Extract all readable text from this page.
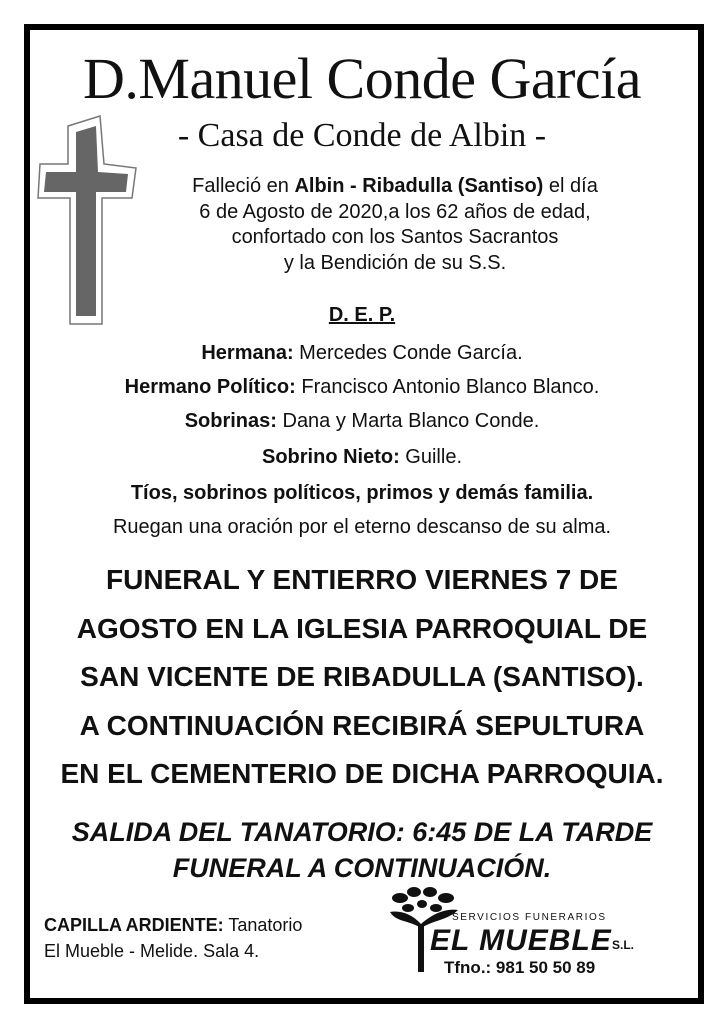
D.Manuel Conde García
- Casa de Conde de Albin -
Falleció en Albin - Ribadulla (Santiso) el día
6 de Agosto de 2020,a los 62 años de edad,
confortado con los Santos Sacrantos
y la Bendición de su S.S.
D. E. P.
Hermana: Mercedes Conde García.
Hermano Político: Francisco Antonio Blanco Blanco.
Sobrinas: Dana y Marta Blanco Conde.
Sobrino Nieto: Guille.
Tíos, sobrinos políticos, primos y demás familia.
Ruegan una oración por el eterno descanso de su alma.
FUNERAL Y ENTIERRO VIERNES 7 DE
AGOSTO EN LA IGLESIA PARROQUIAL DE
SAN VICENTE DE RIBADULLA (SANTISO).
A CONTINUACIÓN RECIBIRÁ SEPULTURA
EN EL CEMENTERIO DE DICHA PARROQUIA.
SALIDA DEL TANATORIO: 6:45 DE LA TARDE
FUNERAL A CONTINUACIÓN.
CAPILLA ARDIENTE: Tanatorio
El Mueble - Melide. Sala 4.
SERVICIOS FUNERARIOS
EL MUEBLE S.L.
Tfno.: 981 50 50 89
